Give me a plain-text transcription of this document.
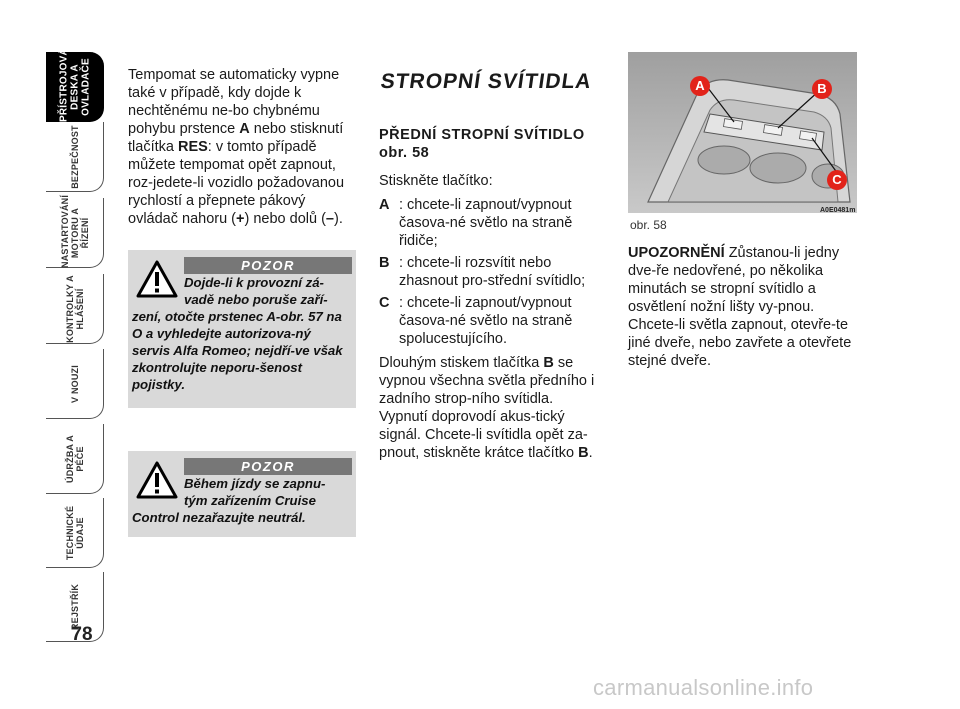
PŘÍSTROJOVÁ
DESKA A
OVLADAČE
BEZPEČNOST
NASTARTOVÁNÍ
MOTORU A
ŘÍZENÍ
KONTROLKY A
HLÁŠENÍ
V NOUZI
ÚDRŽBA A
PÉČE
TECHNICKÉ
ÚDAJE
REJSTŘÍK
78

Tempomat se automaticky vypne také v případě, kdy dojde k nechtěnému ne-bo chybnému pohybu prstence A nebo stisknutí tlačítka RES: v tomto případě můžete tempomat opět zapnout, roz-jedete-li vozidlo požadovanou rychlostí a přepnete pákový ovládač nahoru (+) nebo dolů (–).

POZOR
Dojde-li k provozní zá-
vadě nebo poruše zaří-
zení, otočte prstenec A-obr. 57 na O a vyhledejte autorizova-ný servis Alfa Romeo; nejdří-ve však zkontrolujte neporu-šenost pojistky.
POZOR
Během jízdy se zapnu-
tým zařízením Cruise
Control nezařazujte neutrál.
STROPNÍ SVÍTIDLA

PŘEDNÍ STROPNÍ SVÍTIDLO
obr. 58

Stiskněte tlačítko:

A : chcete-li zapnout/vypnout časova-né světlo na straně řidiče;
B : chcete-li rozsvítit nebo zhasnout pro-střední svítidlo;
C : chcete-li zapnout/vypnout časova-né světlo na straně spolucestujícího.

Dlouhým stiskem tlačítka B se vypnou všechna světla předního i zadního strop-ního svítidla. Vypnutí doprovodí akus-tický signál. Chcete-li svítidla opět za-pnout, stiskněte krátce tlačítko B.

A	B
C
A0E0481m
obr. 58

UPOZORNĚNÍ Zůstanou-li jedny dve-ře nedovřené, po několika minutách se stropní svítidlo a osvětlení nožní lišty vy-pnou. Chcete-li světla zapnout, otevře-te jiné dveře, nebo zavřete a otevřete stejné dveře.

carmanualsonline.info
